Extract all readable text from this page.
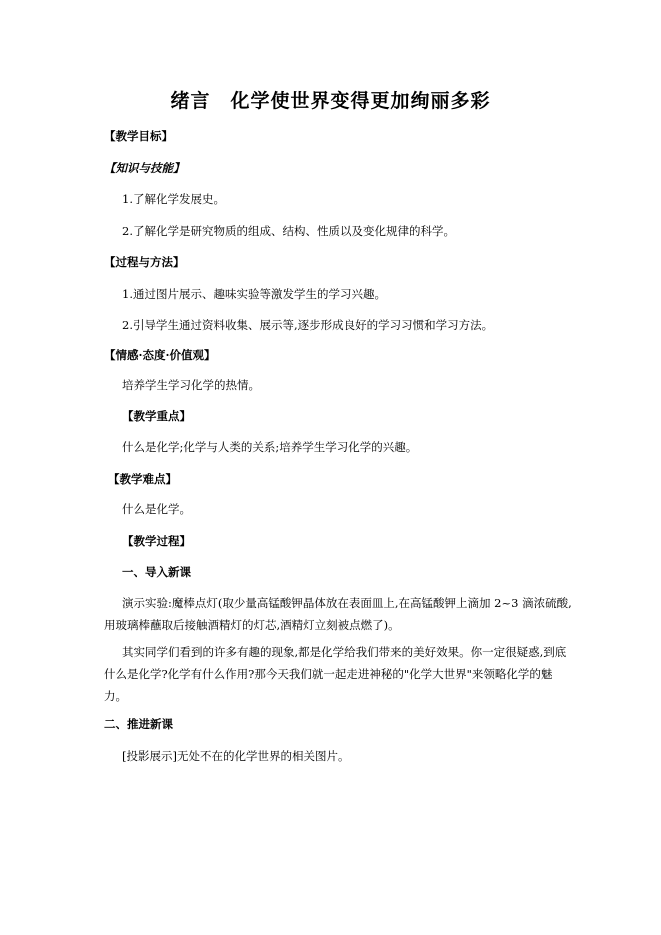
绪言　化学使世界变得更加绚丽多彩
【教学目标】
【知识与技能】
1.了解化学发展史。
2.了解化学是研究物质的组成、结构、性质以及变化规律的科学。
【过程与方法】
1.通过图片展示、趣味实验等激发学生的学习兴趣。
2.引导学生通过资料收集、展示等,逐步形成良好的学习习惯和学习方法。
【情感·态度·价值观】
培养学生学习化学的热情。
【教学重点】
什么是化学;化学与人类的关系;培养学生学习化学的兴趣。
【教学难点】
什么是化学。
【教学过程】
一、导入新课
演示实验:魔棒点灯(取少量高锰酸钾晶体放在表面皿上,在高锰酸钾上滴加 2~3 滴浓硫酸,用玻璃棒蘸取后接触酒精灯的灯芯,酒精灯立刻被点燃了)。
其实同学们看到的许多有趣的现象,都是化学给我们带来的美好效果。你一定很疑惑,到底什么是化学?化学有什么作用?那今天我们就一起走进神秘的"化学大世界"来领略化学的魅力。
二、推进新课
[投影展示]无处不在的化学世界的相关图片。
